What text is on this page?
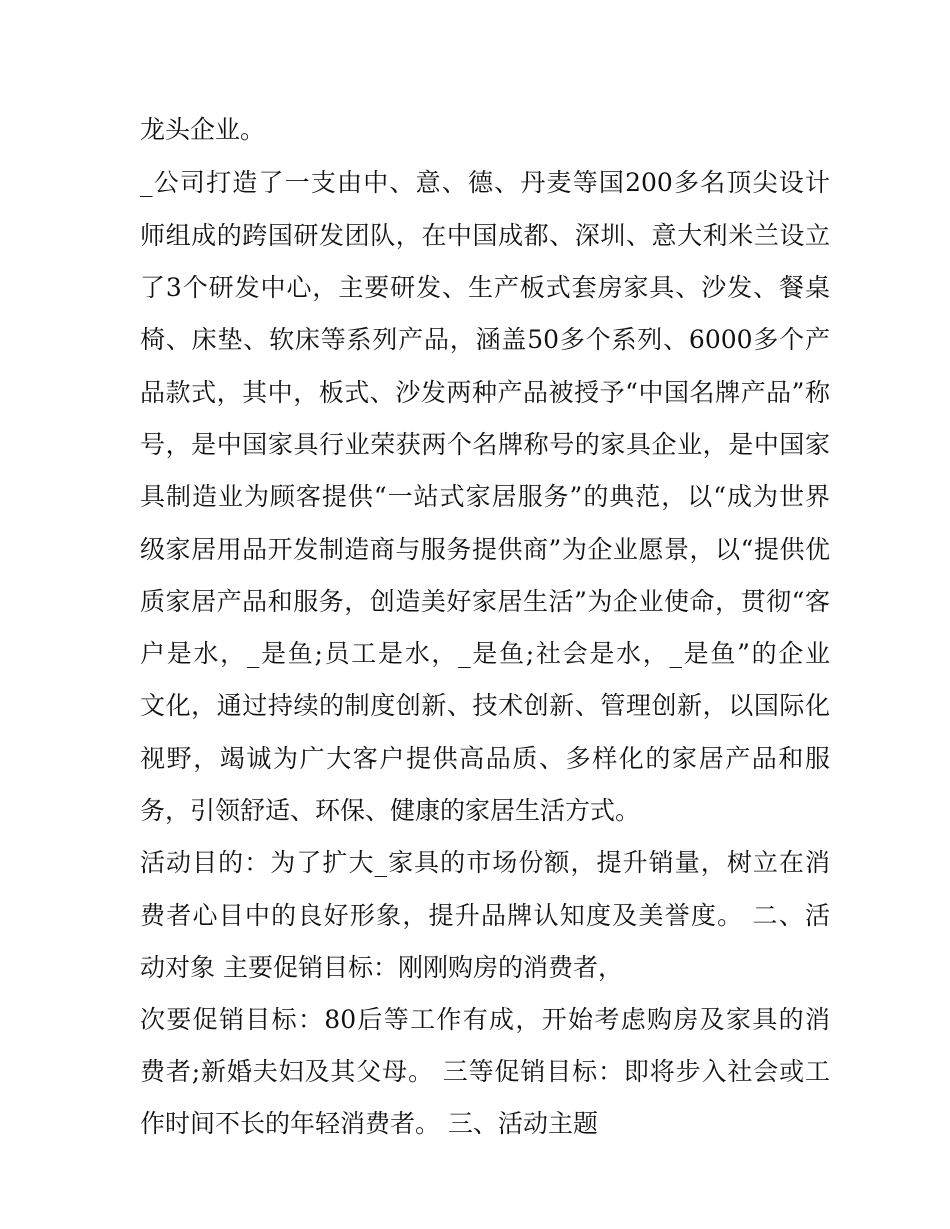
龙头企业。
_公司打造了一支由中、意、德、丹麦等国200多名顶尖设计
师组成的跨国研发团队，在中国成都、深圳、意大利米兰设立
了3个研发中心，主要研发、生产板式套房家具、沙发、餐桌
椅、床垫、软床等系列产品，涵盖50多个系列、6000多个产
品款式，其中，板式、沙发两种产品被授予“中国名牌产品”称
号，是中国家具行业荣获两个名牌称号的家具企业，是中国家
具制造业为顾客提供“一站式家居服务”的典范，以“成为世界
级家居用品开发制造商与服务提供商”为企业愿景，以“提供优
质家居产品和服务，创造美好家居生活”为企业使命，贯彻“客
户是水，_是鱼;员工是水，_是鱼;社会是水，_是鱼”的企业
文化，通过持续的制度创新、技术创新、管理创新，以国际化
视野，竭诚为广大客户提供高品质、多样化的家居产品和服
务，引领舒适、环保、健康的家居生活方式。
活动目的：为了扩大_家具的市场份额，提升销量，树立在消
费者心目中的良好形象，提升品牌认知度及美誉度。 二、活
动对象 主要促销目标：刚刚购房的消费者，
次要促销目标：80后等工作有成，开始考虑购房及家具的消
费者;新婚夫妇及其父母。 三等促销目标：即将步入社会或工
作时间不长的年轻消费者。 三、活动主题
